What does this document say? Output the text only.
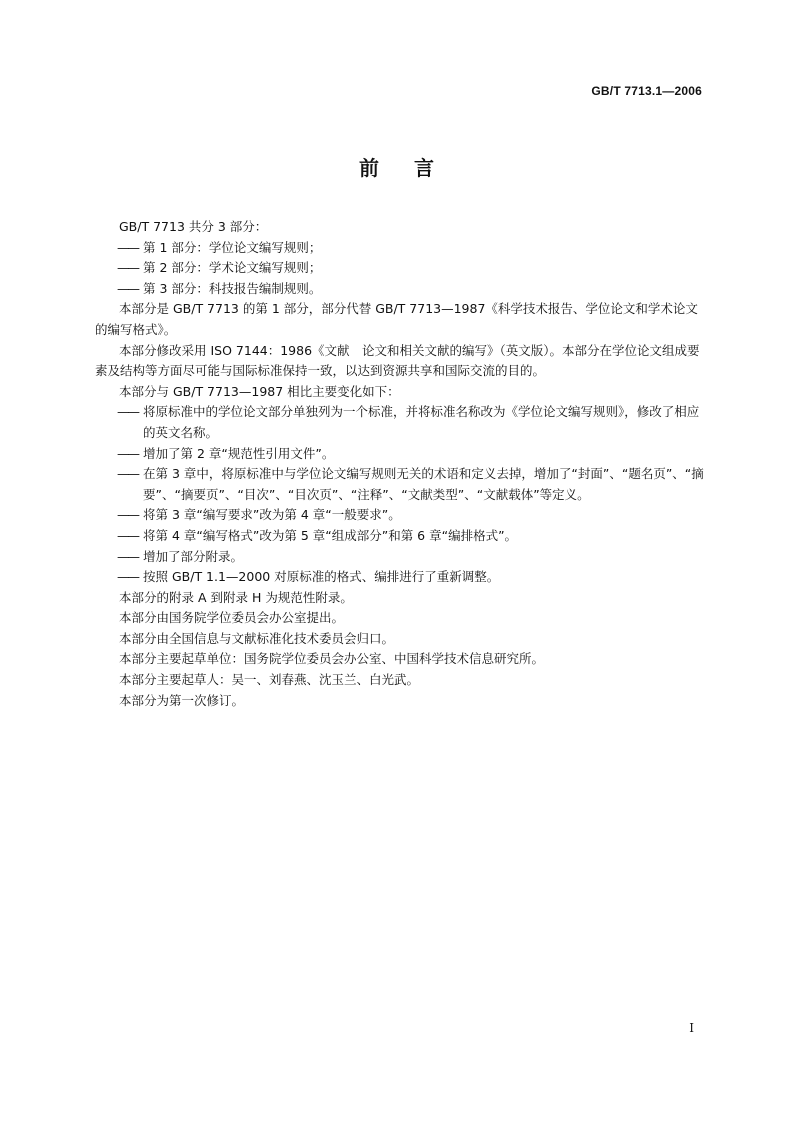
GB/T 7713.1—2006
前 言

GB/T 7713 共分 3 部分：

—— 第 1 部分：学位论文编写规则；

—— 第 2 部分：学术论文编写规则；

—— 第 3 部分：科技报告编制规则。

本部分是 GB/T 7713 的第 1 部分，部分代替 GB/T 7713—1987《科学技术报告、学位论文和学术论文的编写格式》。

本部分修改采用 ISO 7144：1986《文献　论文和相关文献的编写》（英文版）。本部分在学位论文组成要素及结构等方面尽可能与国际标准保持一致，以达到资源共享和国际交流的目的。

本部分与 GB/T 7713—1987 相比主要变化如下：

—— 将原标准中的学位论文部分单独列为一个标准，并将标准名称改为《学位论文编写规则》，修改了相应的英文名称。

—— 增加了第 2 章“规范性引用文件”。

—— 在第 3 章中，将原标准中与学位论文编写规则无关的术语和定义去掉，增加了“封面”、“题名页”、“摘要”、“摘要页”、“目次”、“目次页”、“注释”、“文献类型”、“文献载体”等定义。

—— 将第 3 章“编写要求”改为第 4 章“一般要求”。

—— 将第 4 章“编写格式”改为第 5 章“组成部分”和第 6 章“编排格式”。

—— 增加了部分附录。

—— 按照 GB/T 1.1—2000 对原标准的格式、编排进行了重新调整。

本部分的附录 A 到附录 H 为规范性附录。

本部分由国务院学位委员会办公室提出。

本部分由全国信息与文献标准化技术委员会归口。

本部分主要起草单位：国务院学位委员会办公室、中国科学技术信息研究所。

本部分主要起草人：吴一、刘春燕、沈玉兰、白光武。

本部分为第一次修订。

I
